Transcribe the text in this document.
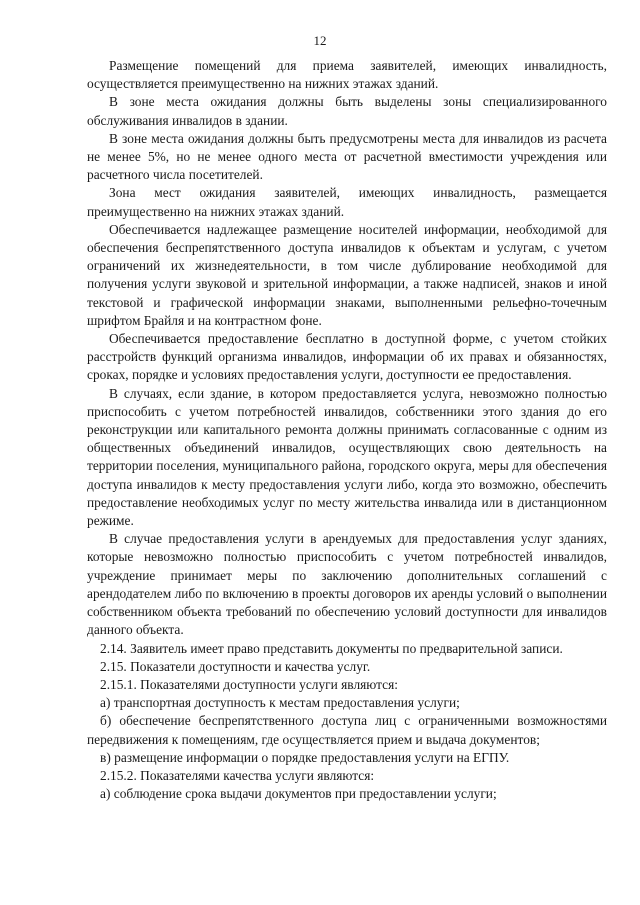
12

Размещение помещений для приема заявителей, имеющих инвалидность, осуществляется преимущественно на нижних этажах зданий.

В зоне места ожидания должны быть выделены зоны специализированного обслуживания инвалидов в здании.

В зоне места ожидания должны быть предусмотрены места для инвалидов из расчета не менее 5%, но не менее одного места от расчетной вместимости учреждения или расчетного числа посетителей.

Зона мест ожидания заявителей, имеющих инвалидность, размещается преимущественно на нижних этажах зданий.

Обеспечивается надлежащее размещение носителей информации, необходимой для обеспечения беспрепятственного доступа инвалидов к объектам и услугам, с учетом ограничений их жизнедеятельности, в том числе дублирование необходимой для получения услуги звуковой и зрительной информации, а также надписей, знаков и иной текстовой и графической информации знаками, выполненными рельефно-точечным шрифтом Брайля и на контрастном фоне.

Обеспечивается предоставление бесплатно в доступной форме, с учетом стойких расстройств функций организма инвалидов, информации об их правах и обязанностях, сроках, порядке и условиях предоставления услуги, доступности ее предоставления.

В случаях, если здание, в котором предоставляется услуга, невозможно полностью приспособить с учетом потребностей инвалидов, собственники этого здания до его реконструкции или капитального ремонта должны принимать согласованные с одним из общественных объединений инвалидов, осуществляющих свою деятельность на территории поселения, муниципального района, городского округа, меры для обеспечения доступа инвалидов к месту предоставления услуги либо, когда это возможно, обеспечить предоставление необходимых услуг по месту жительства инвалида или в дистанционном режиме.

В случае предоставления услуги в арендуемых для предоставления услуг зданиях, которые невозможно полностью приспособить с учетом потребностей инвалидов, учреждение принимает меры по заключению дополнительных соглашений с арендодателем либо по включению в проекты договоров их аренды условий о выполнении собственником объекта требований по обеспечению условий доступности для инвалидов данного объекта.

2.14. Заявитель имеет право представить документы по предварительной записи.

2.15. Показатели доступности и качества услуг.

2.15.1. Показателями доступности услуги являются:

а) транспортная доступность к местам предоставления услуги;

б) обеспечение беспрепятственного доступа лиц с ограниченными возможностями передвижения к помещениям, где осуществляется прием и выдача документов;

в) размещение информации о порядке предоставления услуги на ЕГПУ.

2.15.2. Показателями качества услуги являются:

а) соблюдение срока выдачи документов при предоставлении услуги;
